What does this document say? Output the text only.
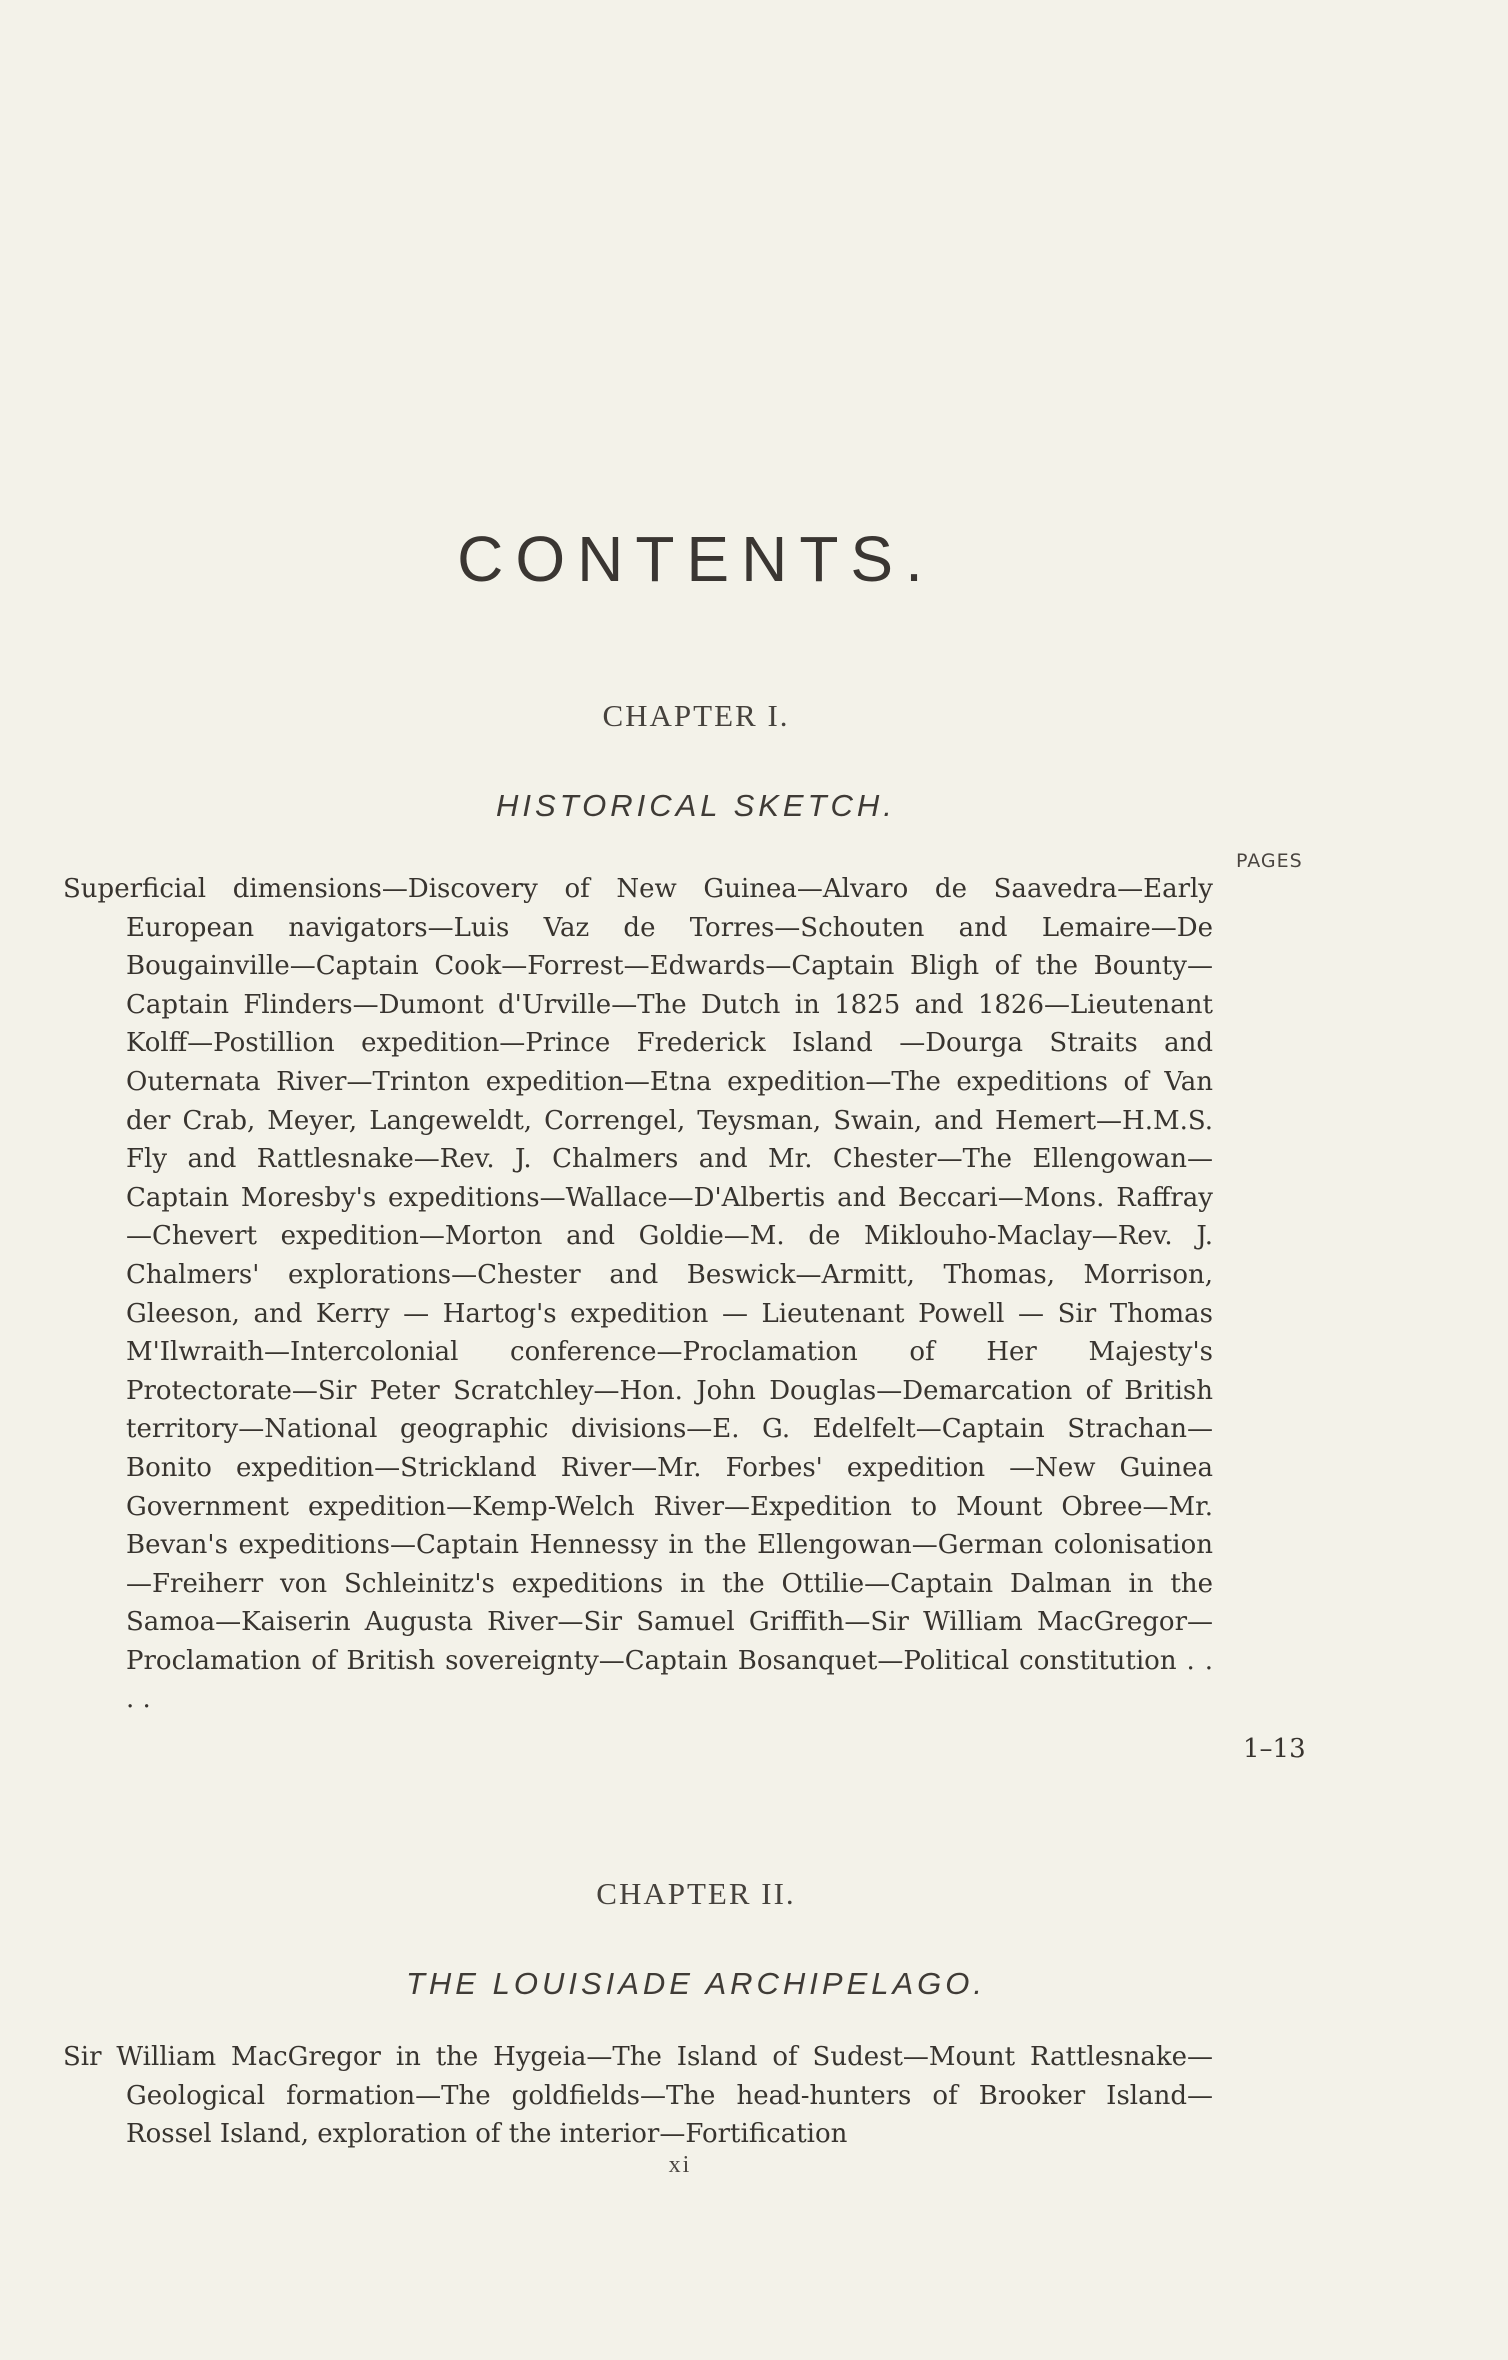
CONTENTS.
CHAPTER I.
HISTORICAL SKETCH.
PAGES
Superficial dimensions—Discovery of New Guinea—Alvaro de Saavedra—Early European navigators—Luis Vaz de Torres—Schouten and Lemaire—De Bougainville—Captain Cook—Forrest—Edwards—Captain Bligh of the Bounty—Captain Flinders—Dumont d'Urville—The Dutch in 1825 and 1826—Lieutenant Kolff—Postillion expedition—Prince Frederick Island —Dourga Straits and Outernata River—Trinton expedition—Etna expedition—The expeditions of Van der Crab, Meyer, Langeweldt, Correngel, Teysman, Swain, and Hemert—H.M.S. Fly and Rattlesnake—Rev. J. Chalmers and Mr. Chester—The Ellengowan—Captain Moresby's expeditions—Wallace—D'Albertis and Beccari—Mons. Raffray—Chevert expedition—Morton and Goldie—M. de Miklouho-Maclay—Rev. J. Chalmers' explorations—Chester and Beswick—Armitt, Thomas, Morrison, Gleeson, and Kerry — Hartog's expedition — Lieutenant Powell — Sir Thomas M'Ilwraith—Intercolonial conference—Proclamation of Her Majesty's Protectorate—Sir Peter Scratchley—Hon. John Douglas—Demarcation of British territory—National geographic divisions—E. G. Edelfelt—Captain Strachan—Bonito expedition—Strickland River—Mr. Forbes' expedition —New Guinea Government expedition—Kemp-Welch River—Expedition to Mount Obree—Mr. Bevan's expeditions—Captain Hennessy in the Ellengowan—German colonisation—Freiherr von Schleinitz's expeditions in the Ottilie—Captain Dalman in the Samoa—Kaiserin Augusta River—Sir Samuel Griffith—Sir William MacGregor—Proclamation of British sovereignty—Captain Bosanquet—Political constitution . . . .
1–13
CHAPTER II.
THE LOUISIADE ARCHIPELAGO.
Sir William MacGregor in the Hygeia—The Island of Sudest—Mount Rattlesnake—Geological formation—The goldfields—The head-hunters of Brooker Island—Rossel Island, exploration of the interior—Fortification
xi
